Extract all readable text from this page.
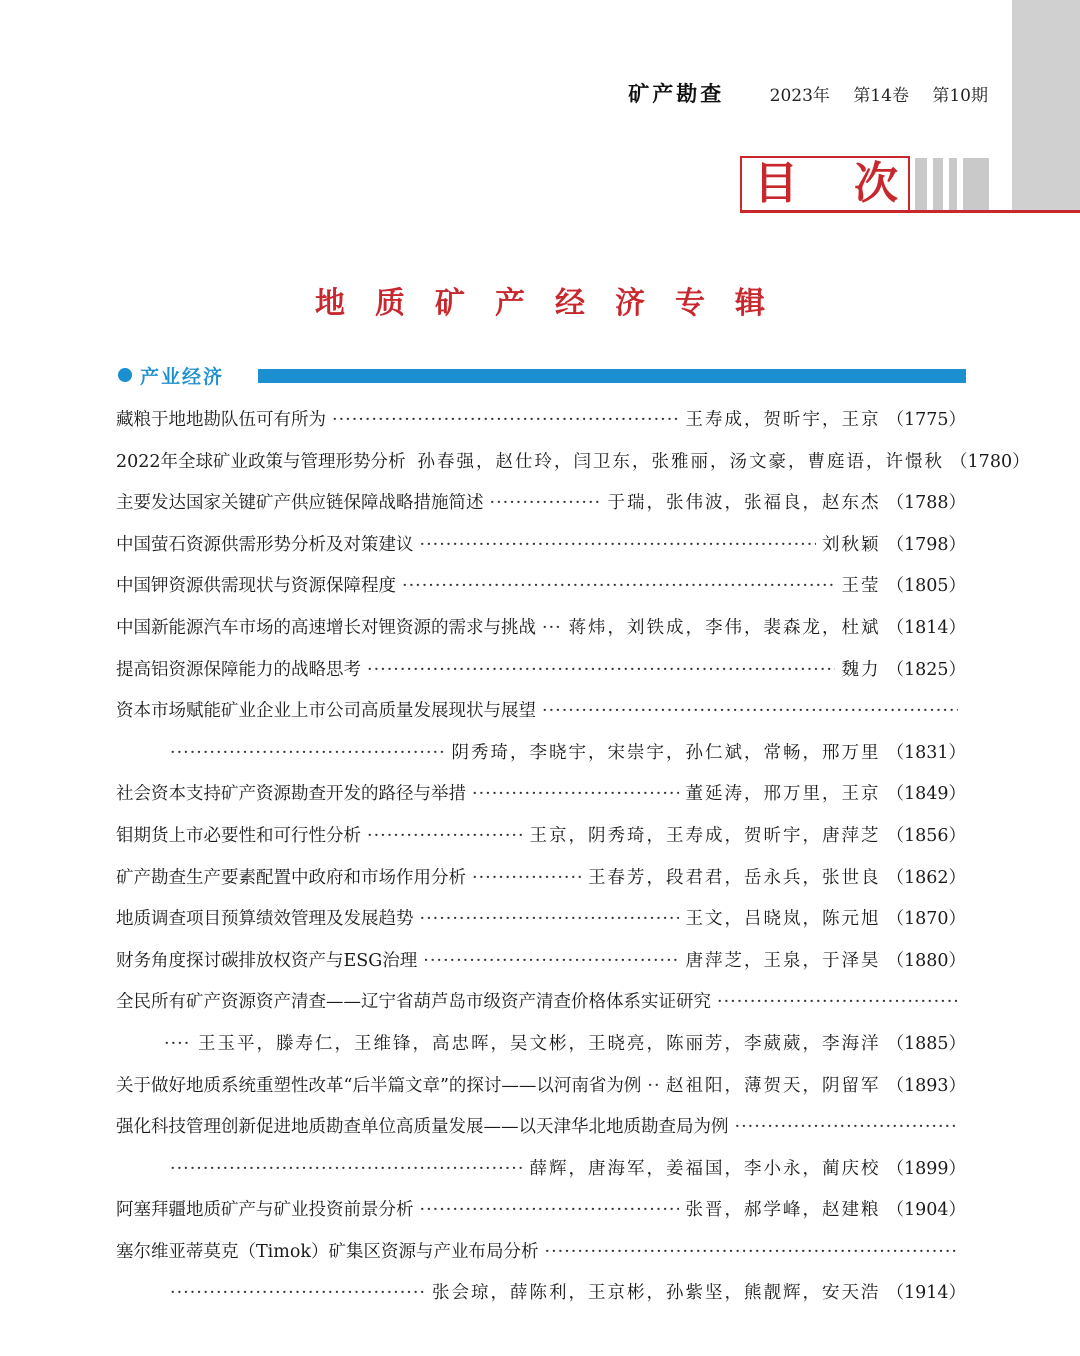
矿产勘查	2023年 第14卷 第10期
目 次
地质矿产经济专辑
产业经济
藏粮于地地勘队伍可有所为 ·····	王寿成，贺昕宇，王京 （1775）
2022年全球矿业政策与管理形势分析 孙春强，赵仕玲，闫卫东，张雅丽，汤文豪，曹庭语，许憬秋 （1780）
主要发达国家关键矿产供应链保障战略措施简述 ·····	于瑞，张伟波，张福良，赵东杰 （1788）
中国萤石资源供需形势分析及对策建议 ·····	刘秋颖 （1798）
中国钾资源供需现状与资源保障程度 ·····	王莹 （1805）
中国新能源汽车市场的高速增长对锂资源的需求与挑战 ····· 蒋炜，刘铁成，李伟，裴森龙，杜斌 （1814）
提高铝资源保障能力的战略思考 ·····	魏力 （1825）
资本市场赋能矿业企业上市公司高质量发展现状与展望
·····
·····
阴秀琦，李晓宇，宋崇宇，孙仁斌，常畅，邢万里 （1831）
社会资本支持矿产资源勘查开发的路径与举措 ·····	董延涛，邢万里，王京 （1849）
钼期货上市必要性和可行性分析 ·····	王京，阴秀琦，王寿成，贺昕宇，唐萍芝 （1856）
矿产勘查生产要素配置中政府和市场作用分析 ·····	王春芳，段君君，岳永兵，张世良 （1862）
地质调查项目预算绩效管理及发展趋势 ·····	王文，吕晓岚，陈元旭 （1870）
财务角度探讨碳排放权资产与ESG治理 ·····	唐萍芝，王泉，于泽昊 （1880）
全民所有矿产资源资产清查——辽宁省葫芦岛市级资产清查价格体系实证研究
·····
·····
王玉平，滕寿仁，王维锋，高忠晖，吴文彬，王晓亮，陈丽芳，李葳葳，李海洋 （1885）
关于做好地质系统重塑性改革“后半篇文章”的探讨——以河南省为例 ····· 赵祖阳，薄贺天，阴留军 （1893）
强化科技管理创新促进地质勘查单位高质量发展——以天津华北地质勘查局为例
·····
·····
薛辉，唐海军，姜福国，李小永，蔺庆校 （1899）
阿塞拜疆地质矿产与矿业投资前景分析 ·····	张晋，郝学峰，赵建粮 （1904）
塞尔维亚蒂莫克（Timok）矿集区资源与产业布局分析
·····
·····
张会琼，薛陈利，王京彬，孙紫坚，熊靓辉，安天浩 （1914）
